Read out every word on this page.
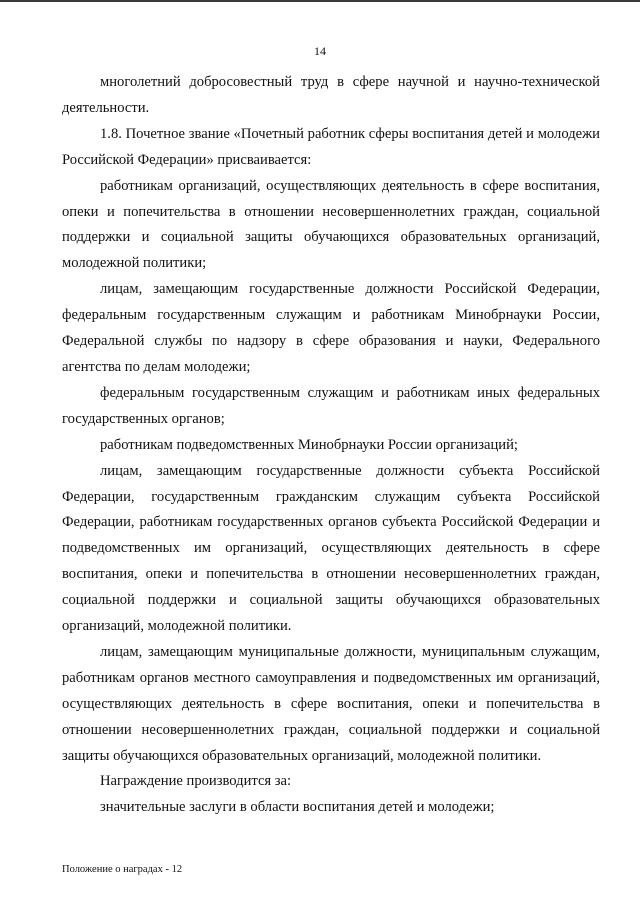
14

многолетний добросовестный труд в сфере научной и научно-технической деятельности.

1.8. Почетное звание «Почетный работник сферы воспитания детей и молодежи Российской Федерации» присваивается:

работникам организаций, осуществляющих деятельность в сфере воспитания, опеки и попечительства в отношении несовершеннолетних граждан, социальной поддержки и социальной защиты обучающихся образовательных организаций, молодежной политики;

лицам, замещающим государственные должности Российской Федерации, федеральным государственным служащим и работникам Минобрнауки России, Федеральной службы по надзору в сфере образования и науки, Федерального агентства по делам молодежи;

федеральным государственным служащим и работникам иных федеральных государственных органов;

работникам подведомственных Минобрнауки России организаций;

лицам, замещающим государственные должности субъекта Российской Федерации, государственным гражданским служащим субъекта Российской Федерации, работникам государственных органов субъекта Российской Федерации и подведомственных им организаций, осуществляющих деятельность в сфере воспитания, опеки и попечительства в отношении несовершеннолетних граждан, социальной поддержки и социальной защиты обучающихся образовательных организаций, молодежной политики.

лицам, замещающим муниципальные должности, муниципальным служащим, работникам органов местного самоуправления и подведомственных им организаций, осуществляющих деятельность в сфере воспитания, опеки и попечительства в отношении несовершеннолетних граждан, социальной поддержки и социальной защиты обучающихся образовательных организаций, молодежной политики.

Награждение производится за:

значительные заслуги в области воспитания детей и молодежи;

Положение о наградах - 12
